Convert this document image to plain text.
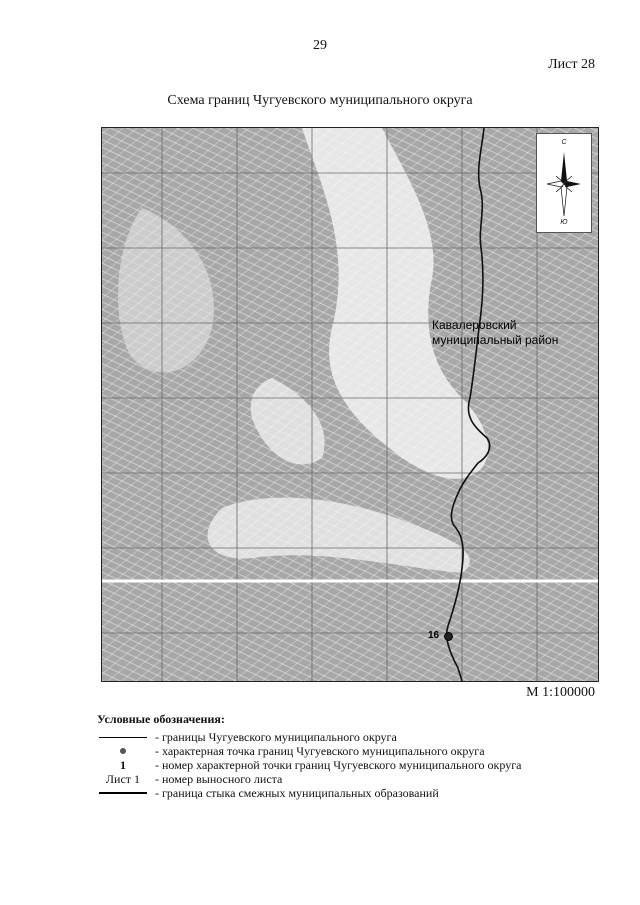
29
Лист 28
Схема границ Чугуевского муниципального округа
С
Ю
Кавалеровский
муниципальный район
16
М 1:100000
Условные обозначения:
- границы Чугуевского муниципального округа
- характерная точка границ Чугуевского муниципального округа
1 - номер характерной точки границ Чугуевского муниципального округа
Лист 1 - номер выносного листа
- граница стыка смежных муниципальных образований
